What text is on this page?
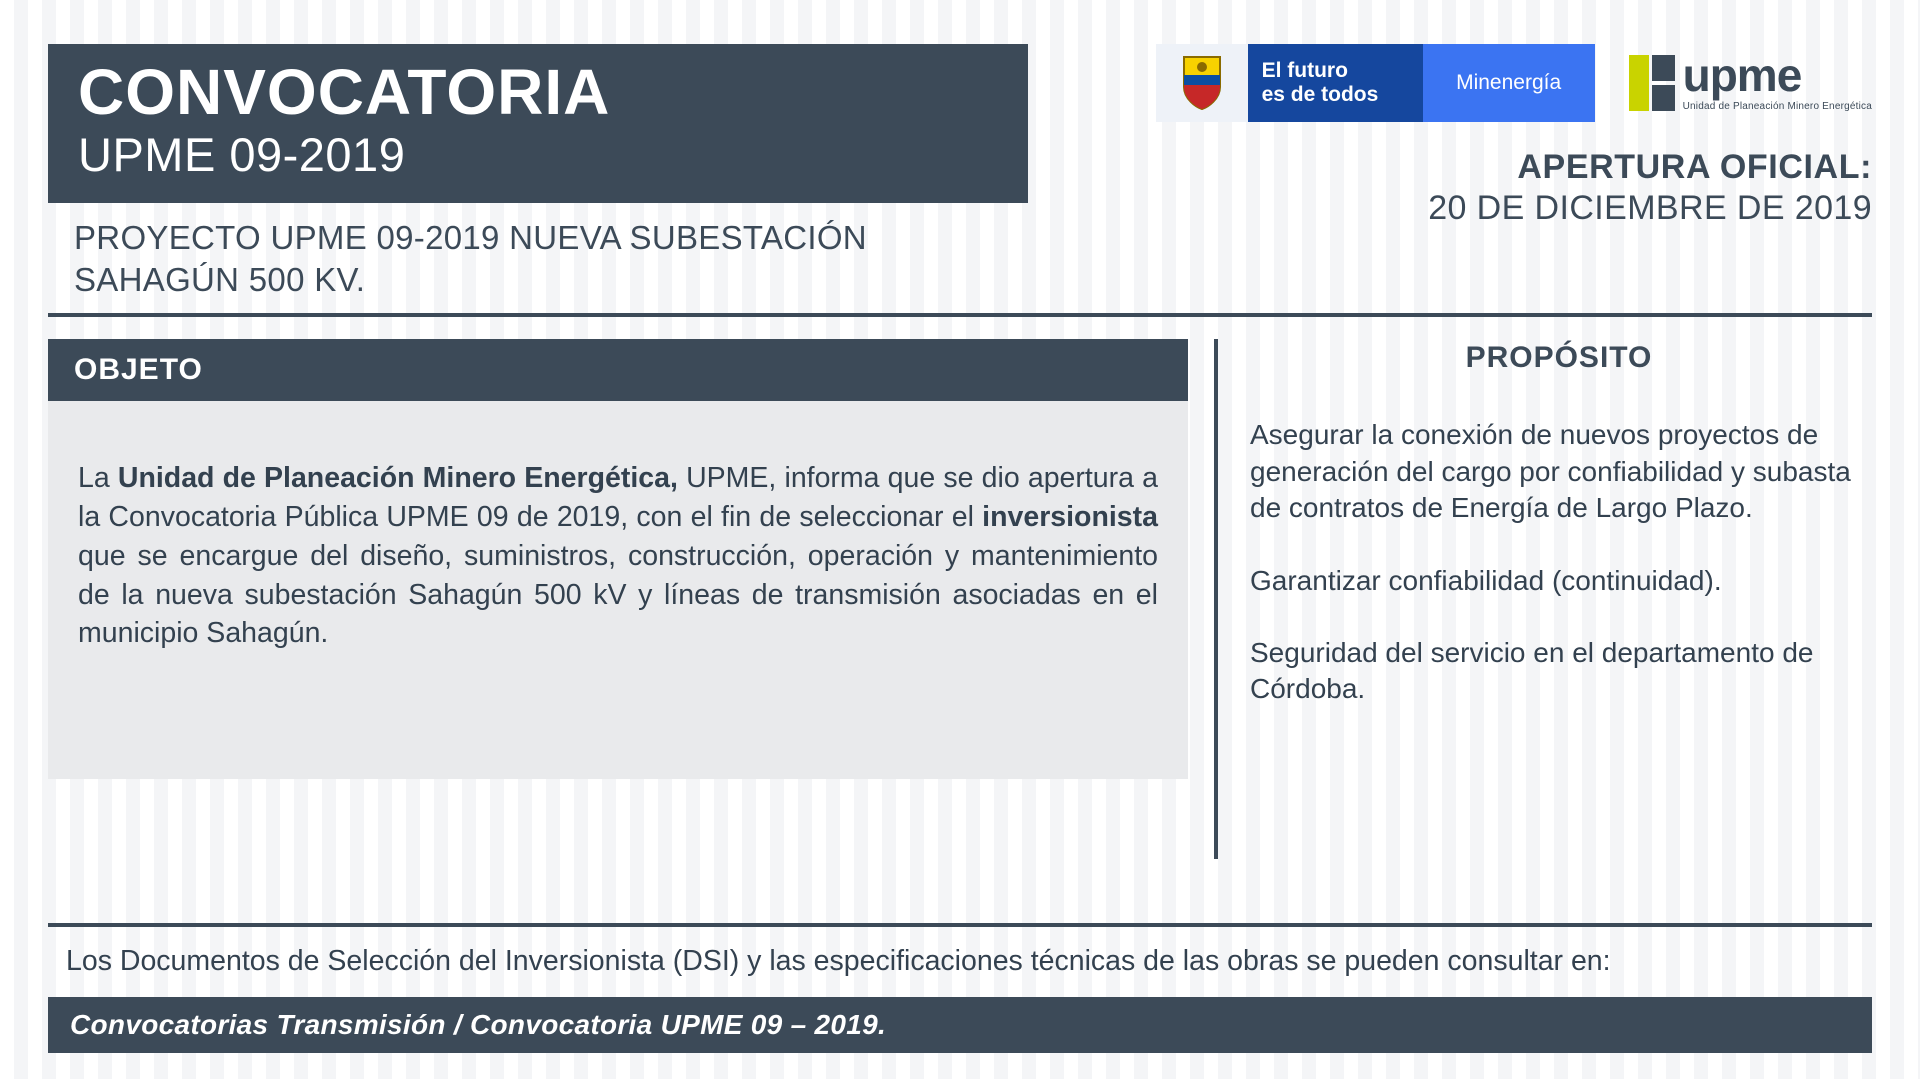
CONVOCATORIA
UPME 09-2019
PROYECTO UPME 09-2019 NUEVA SUBESTACIÓN SAHAGÚN 500 KV.
El futuro
es de todos
Minenergía	upme
Unidad de Planeación Minero Energética
APERTURA OFICIAL:
20 DE DICIEMBRE DE 2019
OBJETO

La Unidad de Planeación Minero Energética, UPME, informa que se dio apertura a la Convocatoria Pública UPME 09 de 2019, con el fin de seleccionar el inversionista que se encargue del diseño, suministros, construcción, operación y mantenimiento de la nueva subestación Sahagún 500 kV y líneas de transmisión asociadas en el municipio Sahagún.

PROPÓSITO
Asegurar la conexión de nuevos proyectos de generación del cargo por confiabilidad y subasta de contratos de Energía de Largo Plazo.
Garantizar confiabilidad (continuidad).
Seguridad del servicio en el departamento de Córdoba.
Los Documentos de Selección del Inversionista (DSI) y las especificaciones técnicas de las obras se pueden consultar en:
Convocatorias Transmisión / Convocatoria UPME 09 – 2019.
